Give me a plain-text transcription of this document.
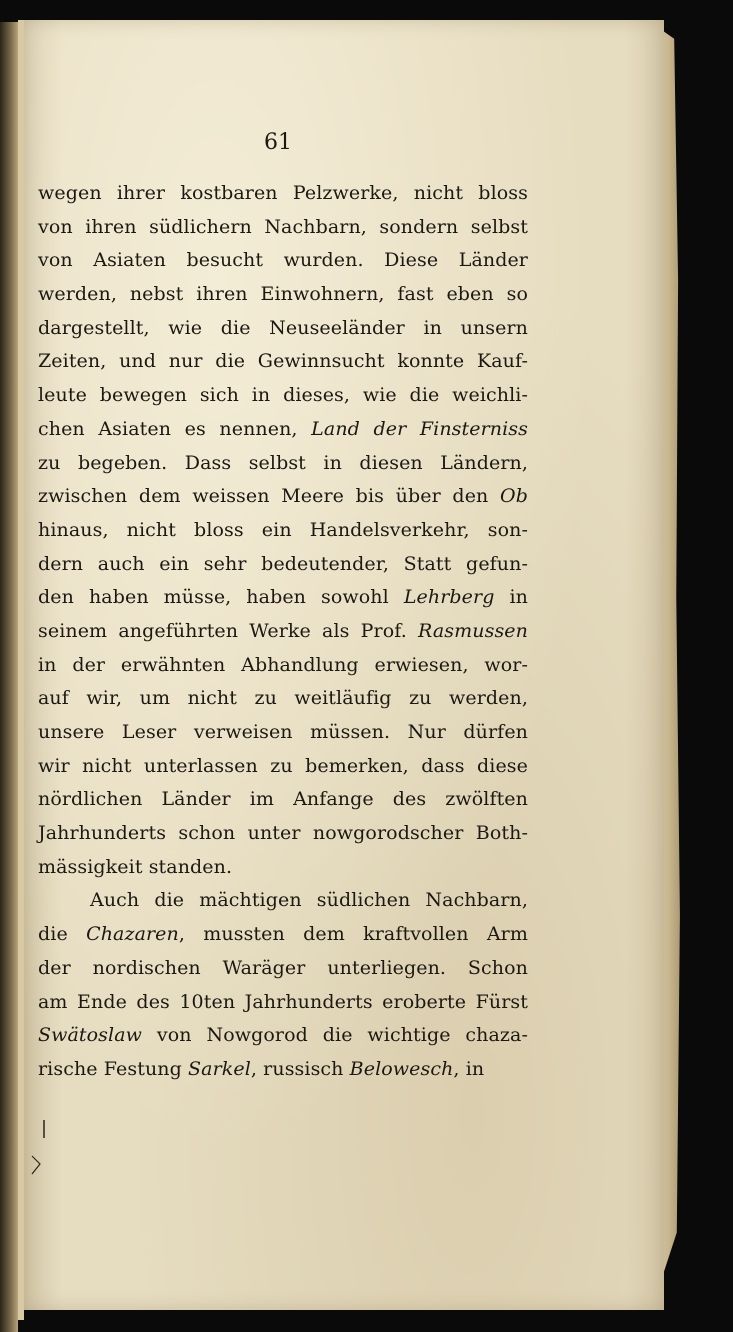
61
wegen ihrer kostbaren Pelzwerke, nicht bloss
von ihren südlichern Nachbarn, sondern selbst
von Asiaten besucht wurden. Diese Länder
werden, nebst ihren Einwohnern, fast eben so
dargestellt, wie die Neuseeländer in unsern
Zeiten, und nur die Gewinnsucht konnte Kauf-
leute bewegen sich in dieses, wie die weichli-
chen Asiaten es nennen, Land der Finsterniss
zu begeben. Dass selbst in diesen Ländern,
zwischen dem weissen Meere bis über den Ob
hinaus, nicht bloss ein Handelsverkehr, son-
dern auch ein sehr bedeutender, Statt gefun-
den haben müsse, haben sowohl Lehrberg in
seinem angeführten Werke als Prof. Rasmussen
in der erwähnten Abhandlung erwiesen, wor-
auf wir, um nicht zu weitläufig zu werden,
unsere Leser verweisen müssen. Nur dürfen
wir nicht unterlassen zu bemerken, dass diese
nördlichen Länder im Anfange des zwölften
Jahrhunderts schon unter nowgorodscher Both-
mässigkeit standen.
Auch die mächtigen südlichen Nachbarn,
die Chazaren, mussten dem kraftvollen Arm
der nordischen Waräger unterliegen. Schon
am Ende des 10ten Jahrhunderts eroberte Fürst
Swätoslaw von Nowgorod die wichtige chaza-
rische Festung Sarkel, russisch Belowesch, in
